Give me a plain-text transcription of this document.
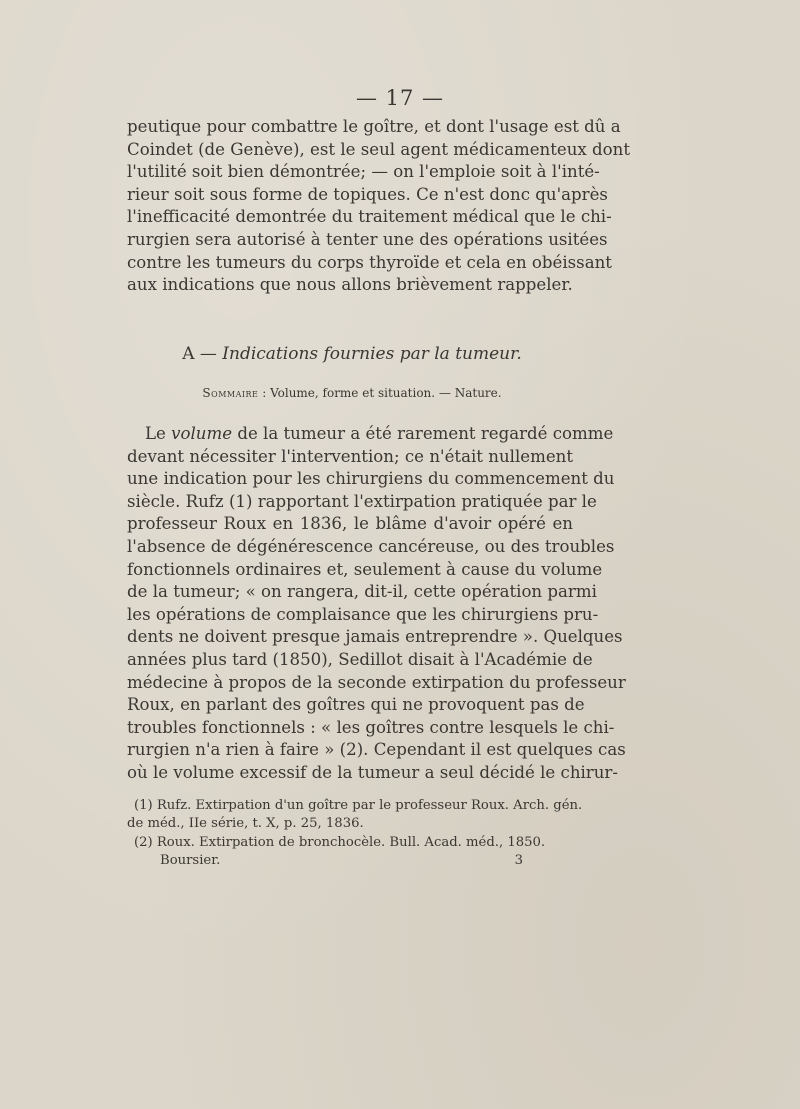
— 17 —
peutique pour combattre le goître, et dont l'usage est dû a
Coindet (de Genève), est le seul agent médicamenteux dont
l'utilité soit bien démontrée; — on l'emploie soit à l'inté-
rieur soit sous forme de topiques. Ce n'est donc qu'après
l'inefficacité demontrée du traitement médical que le chi-
rurgien sera autorisé à tenter une des opérations usitées
contre les tumeurs du corps thyroïde et cela en obéissant
aux indications que nous allons brièvement rappeler.
A — Indications fournies par la tumeur.
Sommaire : Volume, forme et situation. — Nature.
Le volume de la tumeur a été rarement regardé comme
devant nécessiter l'intervention; ce n'était nullement
une indication pour les chirurgiens du commencement du
siècle. Rufz (1) rapportant l'extirpation pratiquée par le
professeur Roux en 1836, le blâme d'avoir opéré en
l'absence de dégénérescence cancéreuse, ou des troubles
fonctionnels ordinaires et, seulement à cause du volume
de la tumeur; « on rangera, dit-il, cette opération parmi
les opérations de complaisance que les chirurgiens pru-
dents ne doivent presque jamais entreprendre ». Quelques
années plus tard (1850), Sedillot disait à l'Académie de
médecine à propos de la seconde extirpation du professeur
Roux, en parlant des goîtres qui ne provoquent pas de
troubles fonctionnels : « les goîtres contre lesquels le chi-
rurgien n'a rien à faire » (2). Cependant il est quelques cas
où le volume excessif de la tumeur a seul décidé le chirur-
(1) Rufz. Extirpation d'un goître par le professeur Roux. Arch. gén.
de méd., IIe série, t. X, p. 25, 1836.
(2) Roux. Extirpation de bronchocèle. Bull. Acad. méd., 1850.
Boursier.	3
